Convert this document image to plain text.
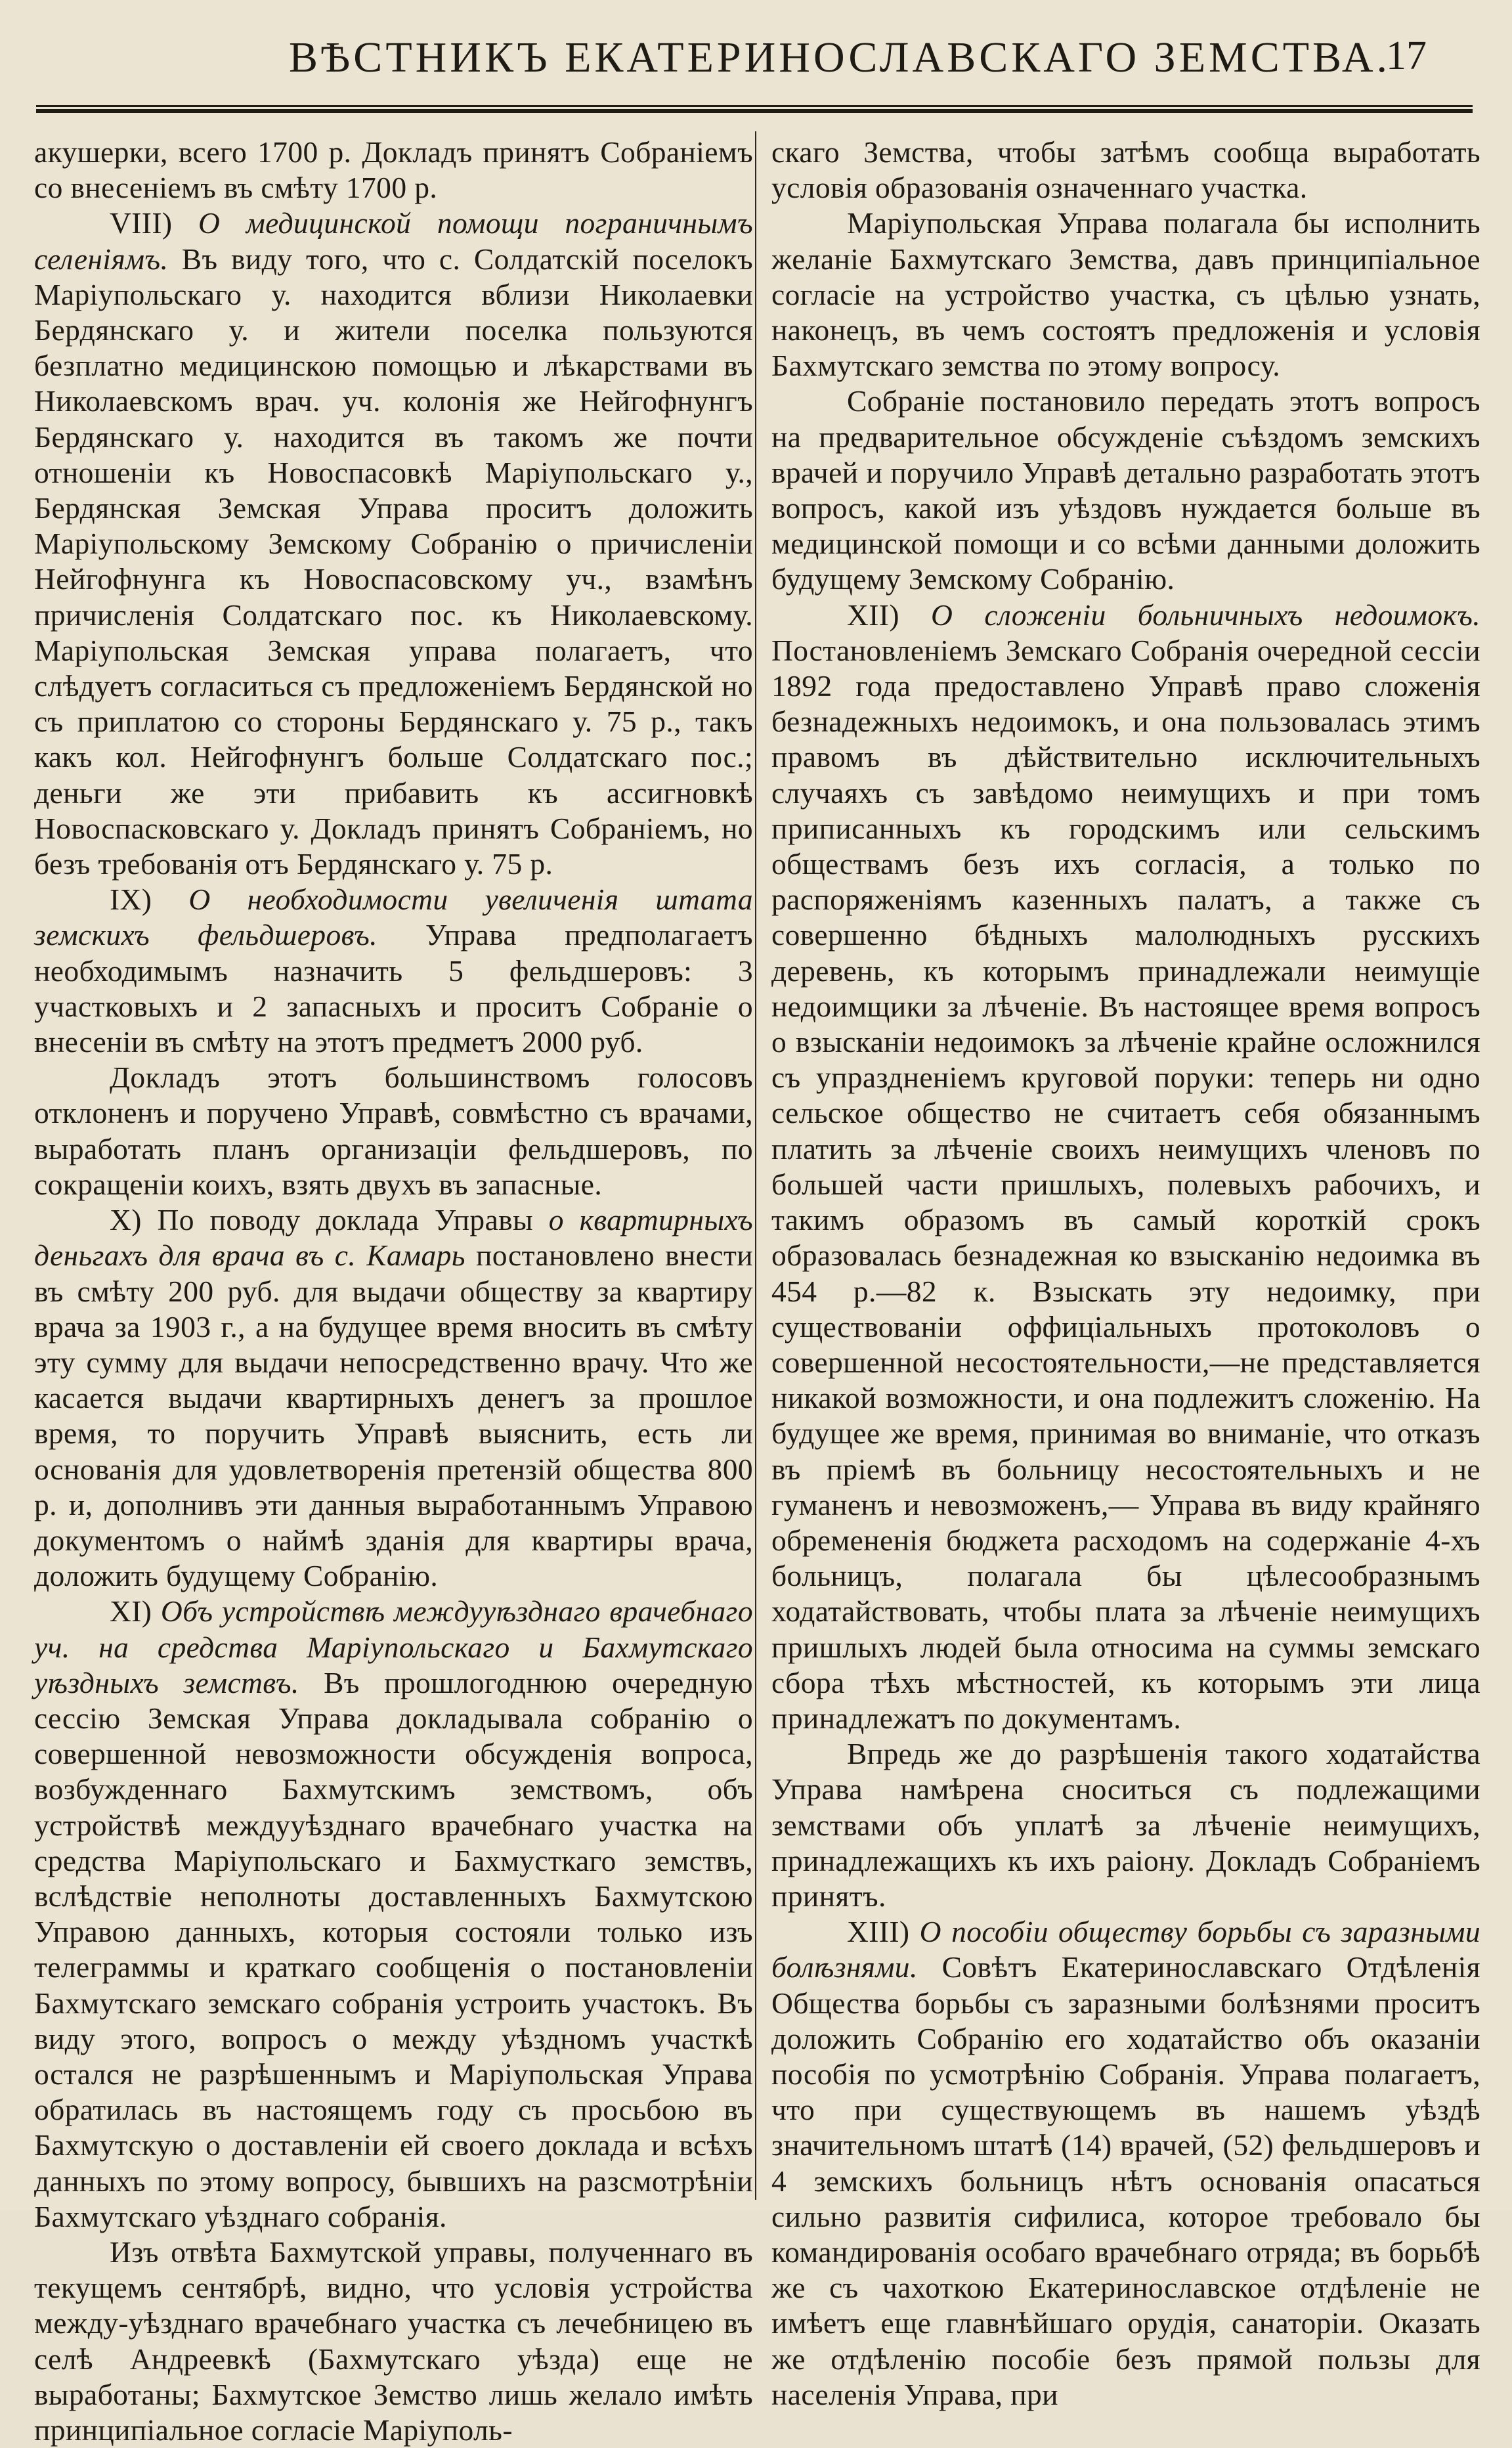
ВѢСТНИКЪ ЕКАТЕРИНОСЛАВСКАГО ЗЕМСТВА.
17

акушерки, всего 1700 р. Докладъ принятъ Собраніемъ со внесеніемъ въ смѣту 1700 р.

VIII) О медицинской помощи пограничнымъ селеніямъ. Въ виду того, что с. Солдатскій поселокъ Маріупольскаго у. находится вблизи Николаевки Бердянскаго у. и жители поселка пользуются безплатно медицинскою помощью и лѣкарствами въ Николаевскомъ врач. уч. колонія же Нейгофнунгъ Бердянскаго у. находится въ такомъ же почти отношеніи къ Новоспасовкѣ Маріупольскаго у., Бердянская Земская Управа проситъ доложить Маріупольскому Земскому Собранію о причисленіи Нейгофнунга къ Новоспасовскому уч., взамѣнъ причисленія Солдатскаго пос. къ Николаевскому. Маріупольская Земская управа полагаетъ, что слѣдуетъ согласиться съ предложеніемъ Бердянской но съ приплатою со стороны Бердянскаго у. 75 р., такъ какъ кол. Нейгофнунгъ больше Солдатскаго пос.; деньги же эти прибавить къ ассигновкѣ Новоспасковскаго у. Докладъ принятъ Собраніемъ, но безъ требованія отъ Бердянскаго у. 75 р.

IX) О необходимости увеличенія штата земскихъ фельдшеровъ. Управа предполагаетъ необходимымъ назначить 5 фельдшеровъ: 3 участковыхъ и 2 запасныхъ и проситъ Собраніе о внесеніи въ смѣту на этотъ предметъ 2000 руб.

Докладъ этотъ большинствомъ голосовъ отклоненъ и поручено Управѣ, совмѣстно съ врачами, выработать планъ организаціи фельдшеровъ, по сокращеніи коихъ, взять двухъ въ запасные.

X) По поводу доклада Управы о квартирныхъ деньгахъ для врача въ с. Камарь постановлено внести въ смѣту 200 руб. для выдачи обществу за квартиру врача за 1903 г., а на будущее время вносить въ смѣту эту сумму для выдачи непосредственно врачу. Что же касается выдачи квартирныхъ денегъ за прошлое время, то поручить Управѣ выяснить, есть ли основанія для удовлетворенія претензій общества 800 р. и, дополнивъ эти данныя выработаннымъ Управою документомъ о наймѣ зданія для квартиры врача, доложить будущему Собранію.

XI) Объ устройствѣ междууѣзднаго врачебнаго уч. на средства Маріупольскаго и Бахмутскаго уѣздныхъ земствъ. Въ прошлогоднюю очередную сессію Земская Управа докладывала собранію о совершенной невозможности обсужденія вопроса, возбужденнаго Бахмутскимъ земствомъ, объ устройствѣ междууѣзднаго врачебнаго участка на средства Маріупольскаго и Бахмусткаго земствъ, вслѣдствіе неполноты доставленныхъ Бахмутскою Управою данныхъ, которыя состояли только изъ телеграммы и краткаго сообщенія о постановленіи Бахмутскаго земскаго собранія устроить участокъ. Въ виду этого, вопросъ о между уѣздномъ участкѣ остался не разрѣшеннымъ и Маріупольская Управа обратилась въ настоящемъ году съ просьбою въ Бахмутскую о доставленіи ей своего доклада и всѣхъ данныхъ по этому вопросу, бывшихъ на разсмотрѣніи Бахмутскаго уѣзднаго собранія.

Изъ отвѣта Бахмутской управы, полученнаго въ текущемъ сентябрѣ, видно, что условія устройства между-уѣзднаго врачебнаго участка съ лечебницею въ селѣ Андреевкѣ (Бахмутскаго уѣзда) еще не выработаны; Бахмутское Земство лишь желало имѣть принципіальное согласіе Маріуполь-

скаго Земства, чтобы затѣмъ сообща выработать условія образованія означеннаго участка.

Маріупольская Управа полагала бы исполнить желаніе Бахмутскаго Земства, давъ принципіальное согласіе на устройство участка, съ цѣлью узнать, наконецъ, въ чемъ состоятъ предложенія и условія Бахмутскаго земства по этому вопросу.

Собраніе постановило передать этотъ вопросъ на предварительное обсужденіе съѣздомъ земскихъ врачей и поручило Управѣ детально разработать этотъ вопросъ, какой изъ уѣздовъ нуждается больше въ медицинской помощи и со всѣми данными доложить будущему Земскому Собранію.

XII) О сложеніи больничныхъ недоимокъ. Постановленіемъ Земскаго Собранія очередной сессіи 1892 года предоставлено Управѣ право сложенія безнадежныхъ недоимокъ, и она пользовалась этимъ правомъ въ дѣйствительно исключительныхъ случаяхъ съ завѣдомо неимущихъ и при томъ приписанныхъ къ городскимъ или сельскимъ обществамъ безъ ихъ согласія, а только по распоряженіямъ казенныхъ палатъ, а также съ совершенно бѣдныхъ малолюдныхъ русскихъ деревень, къ которымъ принадлежали неимущіе недоимщики за лѣченіе. Въ настоящее время вопросъ о взысканіи недоимокъ за лѣченіе крайне осложнился съ упраздненіемъ круговой поруки: теперь ни одно сельское общество не считаетъ себя обязаннымъ платить за лѣченіе своихъ неимущихъ членовъ по большей части пришлыхъ, полевыхъ рабочихъ, и такимъ образомъ въ самый короткій срокъ образовалась безнадежная ко взысканію недоимка въ 454 р.—82 к. Взыскать эту недоимку, при существованіи оффиціальныхъ протоколовъ о совершенной несостоятельности,—не представляется никакой возможности, и она подлежитъ сложенію. На будущее же время, принимая во вниманіе, что отказъ въ пріемѣ въ больницу несостоятельныхъ и не гуманенъ и невозможенъ,— Управа въ виду крайняго обремененія бюджета расходомъ на содержаніе 4-хъ больницъ, полагала бы цѣлесообразнымъ ходатайствовать, чтобы плата за лѣченіе неимущихъ пришлыхъ людей была относима на суммы земскаго сбора тѣхъ мѣстностей, къ которымъ эти лица принадлежатъ по документамъ.

Впредь же до разрѣшенія такого ходатайства Управа намѣрена сноситься съ подлежащими земствами объ уплатѣ за лѣченіе неимущихъ, принадлежащихъ къ ихъ раіону. Докладъ Собраніемъ принятъ.

XIII) О пособіи обществу борьбы съ заразными болѣзнями. Совѣтъ Екатеринославскаго Отдѣленія Общества борьбы съ заразными болѣзнями проситъ доложить Собранію его ходатайство объ оказаніи пособія по усмотрѣнію Собранія. Управа полагаетъ, что при существующемъ въ нашемъ уѣздѣ значительномъ штатѣ (14) врачей, (52) фельдшеровъ и 4 земскихъ больницъ нѣтъ основанія опасаться сильно развитія сифилиса, которое требовало бы командированія особаго врачебнаго отряда; въ борьбѣ же съ чахоткою Екатеринославское отдѣленіе не имѣетъ еще главнѣйшаго орудія, санаторіи. Оказать же отдѣленію пособіе безъ прямой пользы для населенія Управа, при
